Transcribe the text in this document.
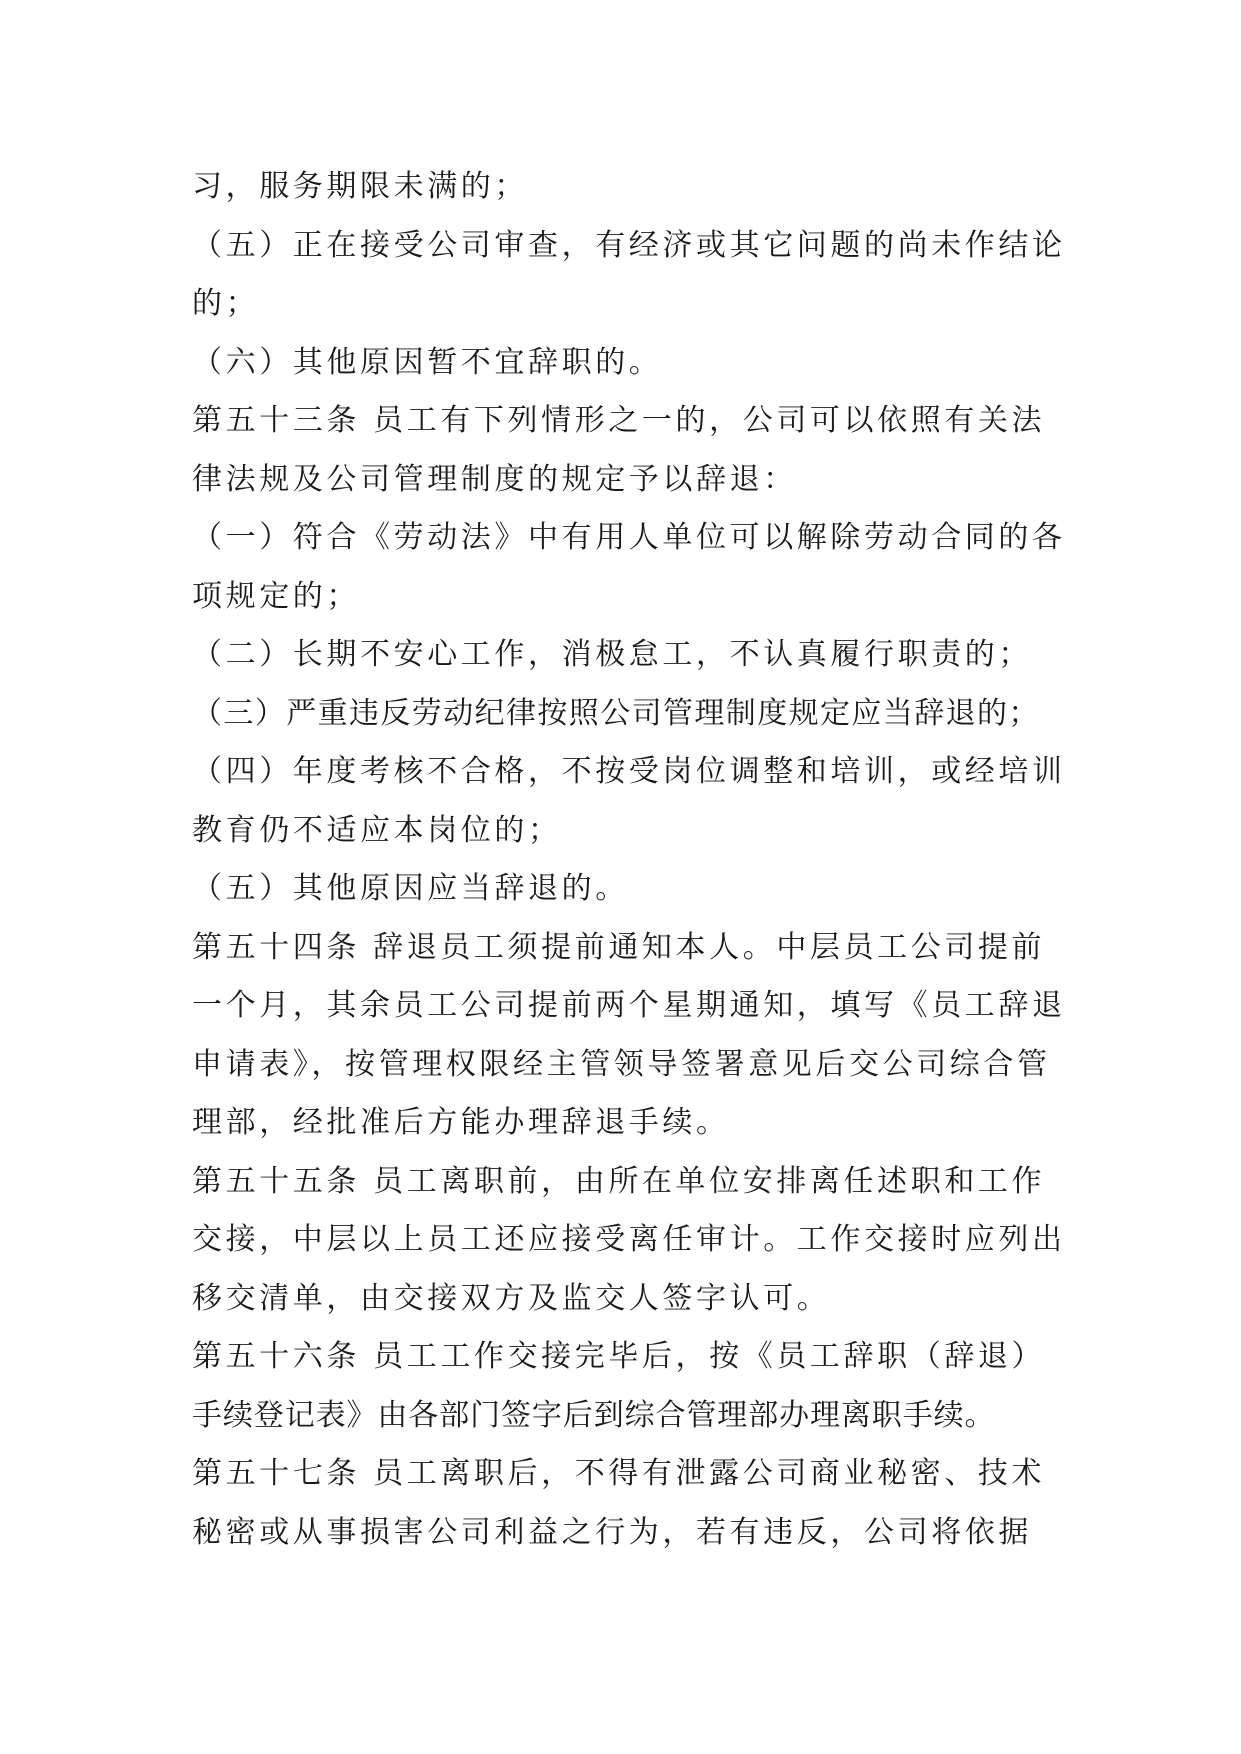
习，服务期限未满的；
（五）正在接受公司审查，有经济或其它问题的尚未作结论
的；
（六）其他原因暂不宜辞职的。
第五十三条 员工有下列情形之一的，公司可以依照有关法
律法规及公司管理制度的规定予以辞退：
（一）符合《劳动法》中有用人单位可以解除劳动合同的各
项规定的；
（二）长期不安心工作，消极怠工，不认真履行职责的；
（三）严重违反劳动纪律按照公司管理制度规定应当辞退的；
（四）年度考核不合格，不按受岗位调整和培训，或经培训
教育仍不适应本岗位的；
（五）其他原因应当辞退的。
第五十四条 辞退员工须提前通知本人。中层员工公司提前
一个月，其余员工公司提前两个星期通知，填写《员工辞退
申请表》，按管理权限经主管领导签署意见后交公司综合管
理部，经批准后方能办理辞退手续。
第五十五条 员工离职前，由所在单位安排离任述职和工作
交接，中层以上员工还应接受离任审计。工作交接时应列出
移交清单，由交接双方及监交人签字认可。
第五十六条 员工工作交接完毕后，按《员工辞职（辞退）
手续登记表》由各部门签字后到综合管理部办理离职手续。
第五十七条 员工离职后，不得有泄露公司商业秘密、技术
秘密或从事损害公司利益之行为，若有违反，公司将依据
